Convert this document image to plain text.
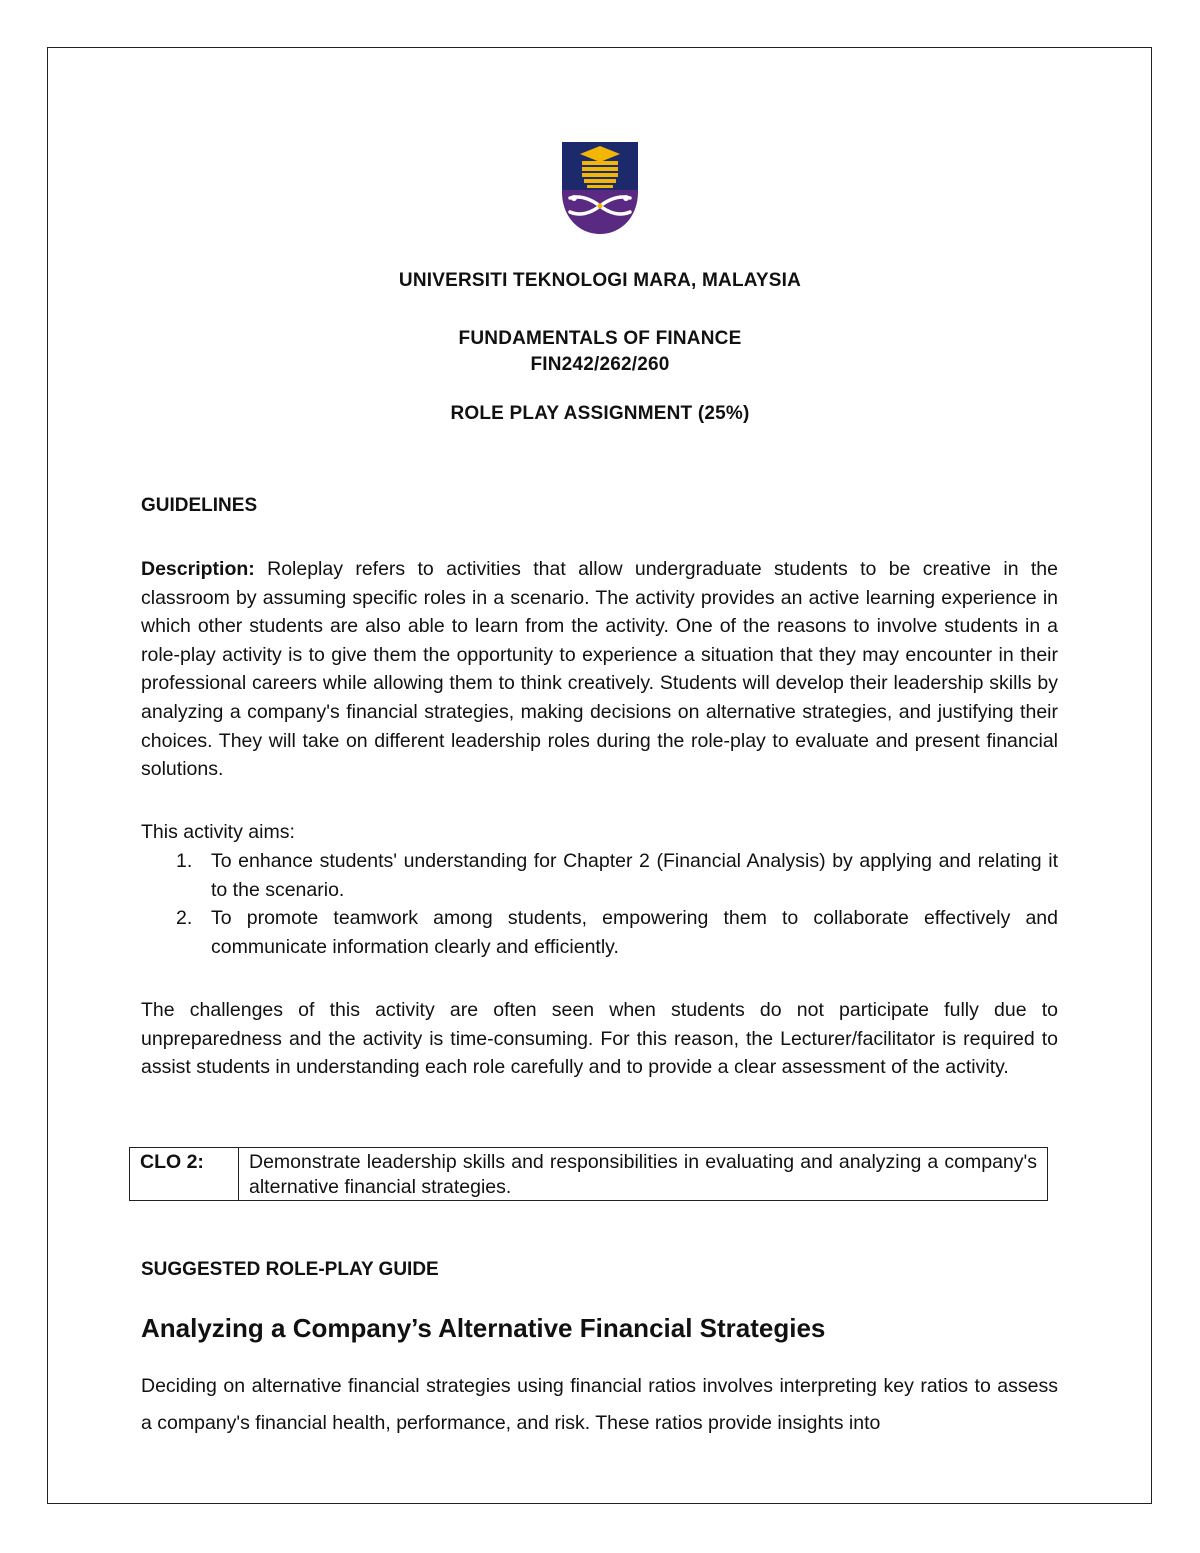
UNIVERSITI TEKNOLOGI MARA, MALAYSIA
FUNDAMENTALS OF FINANCE
FIN242/262/260
ROLE PLAY ASSIGNMENT (25%)
GUIDELINES

Description: Roleplay refers to activities that allow undergraduate students to be creative in the classroom by assuming specific roles in a scenario. The activity provides an active learning experience in which other students are also able to learn from the activity. One of the reasons to involve students in a role-play activity is to give them the opportunity to experience a situation that they may encounter in their professional careers while allowing them to think creatively. Students will develop their leadership skills by analyzing a company's financial strategies, making decisions on alternative strategies, and justifying their choices. They will take on different leadership roles during the role-play to evaluate and present financial solutions.

This activity aims:

1. To enhance students' understanding for Chapter 2 (Financial Analysis) by applying and relating it to the scenario.
2. To promote teamwork among students, empowering them to collaborate effectively and communicate information clearly and efficiently.

The challenges of this activity are often seen when students do not participate fully due to unpreparedness and the activity is time-consuming. For this reason, the Lecturer/facilitator is required to assist students in understanding each role carefully and to provide a clear assessment of the activity.

CLO 2:	Demonstrate leadership skills and responsibilities in evaluating and analyzing a company's alternative financial strategies.
SUGGESTED ROLE-PLAY GUIDE
Analyzing a Company’s Alternative Financial Strategies

Deciding on alternative financial strategies using financial ratios involves interpreting key ratios to assess a company's financial health, performance, and risk. These ratios provide insights into
